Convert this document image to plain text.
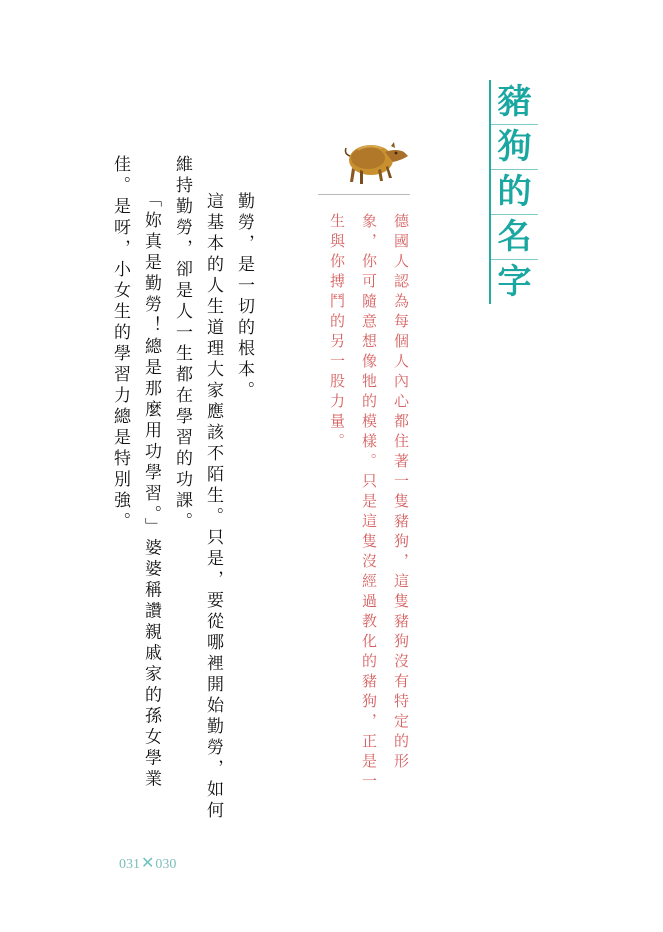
豬
狗
的
名
字
德國人認為每個人內心都住著一隻豬狗，這隻豬狗沒有特定的形
象，你可隨意想像牠的模樣。只是這隻沒經過教化的豬狗，正是一
生與你搏鬥的另一股力量。
勤勞，是一切的根本。
這基本的人生道理大家應該不陌生。只是，要從哪裡開始勤勞，如何
維持勤勞，卻是人一生都在學習的功課。
「妳真是勤勞！總是那麼用功學習。」婆婆稱讚親戚家的孫女學業
佳。是呀，小女生的學習力總是特別強。
031✕030
